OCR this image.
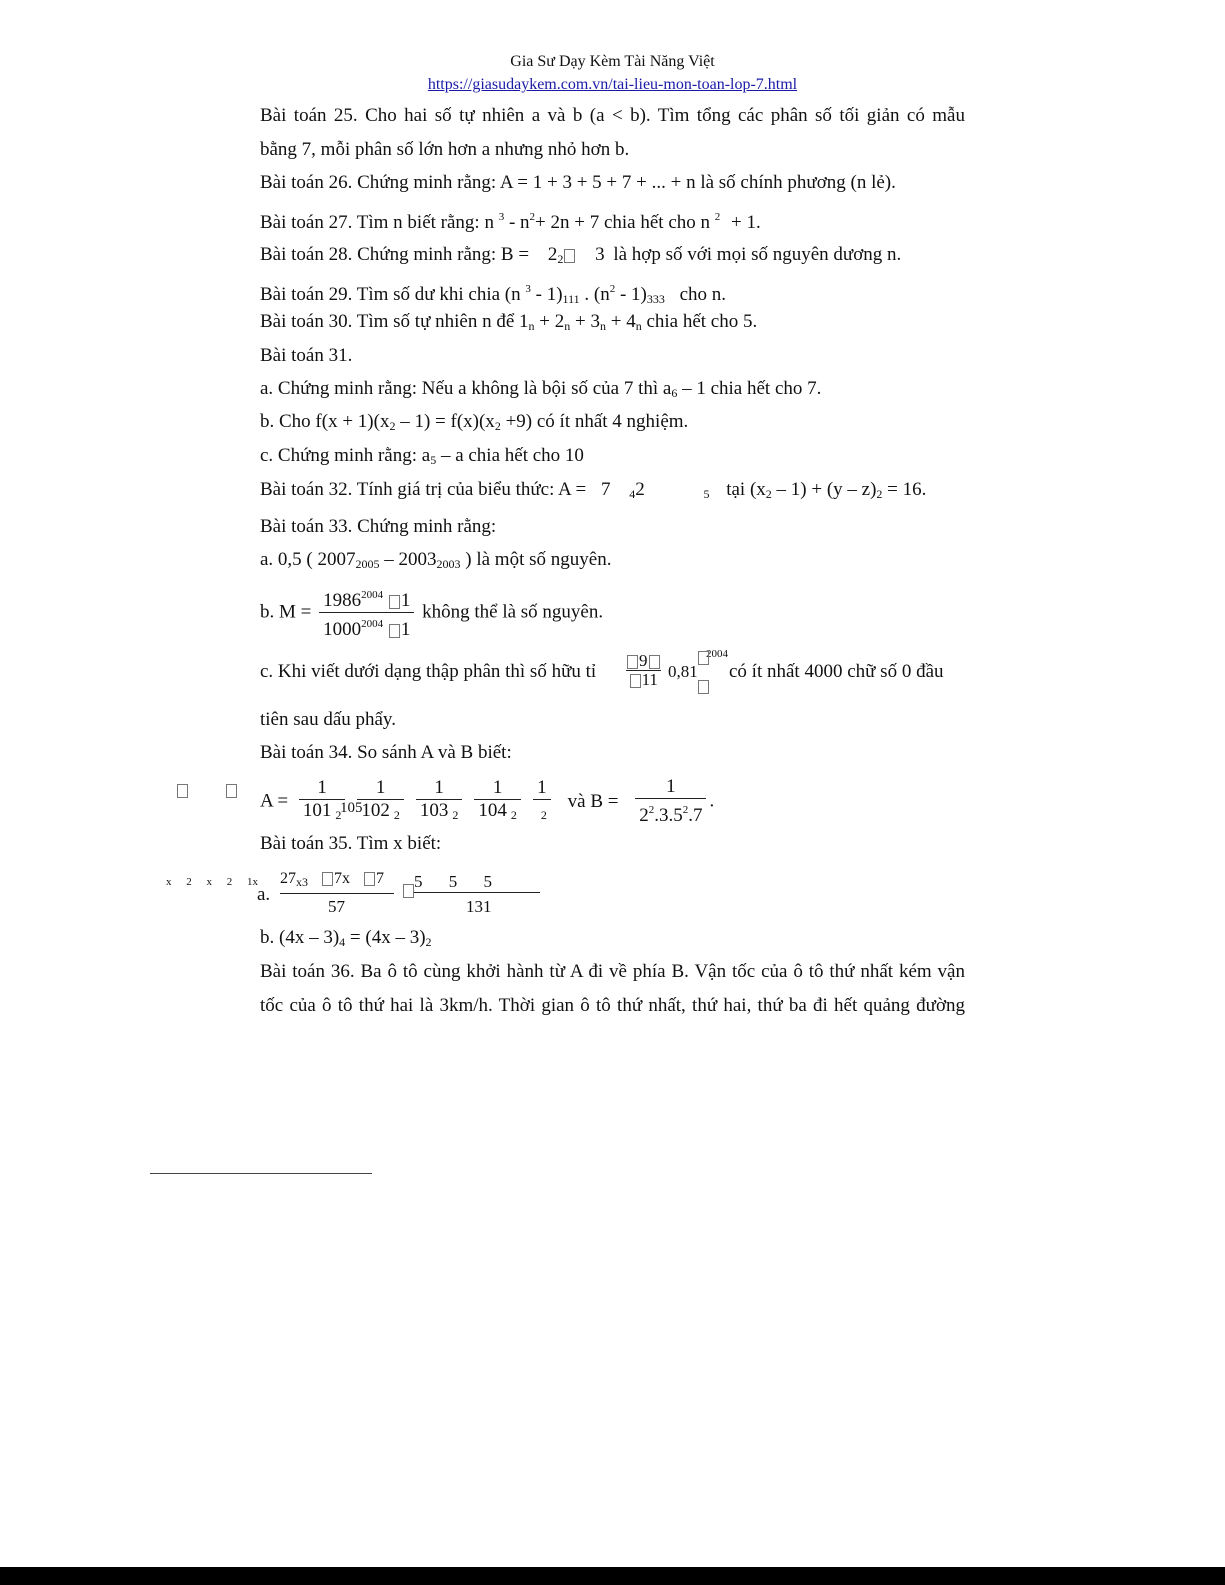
Gia Sư Dạy Kèm Tài Năng Việt
https://giasudaykem.com.vn/tai-lieu-mon-toan-lop-7.html
Bài toán 25. Cho hai số tự nhiên a và b (a < b). Tìm tổng các phân số tối giản có mẫu
bằng 7, mỗi phân số lớn hơn a nhưng nhỏ hơn b.
Bài toán 26. Chứng minh rằng: A = 1 + 3 + 5 + 7 + ... + n là số chính phương (n lẻ).
Bài toán 27. Tìm n biết rằng: n $^3 - n^2+ 2n + 7$ chia hết cho n $^2$ + 1.
Bài toán 28. Chứng minh rằng: $B = 2_2$ 3 là hợp số với mọi số nguyên dương n.
Bài toán 29. Tìm số dư khi chia (n $^3 - 1)_{111}$ . $(n^2 - 1)_{333}$ cho n.
Bài toán 30. Tìm số tự nhiên n để $1_n + 2_n + 3_n + 4_n$ chia hết cho 5.
Bài toán 31.
a. Chứng minh rằng: Nếu a không là bội số của 7 thì $a_6 - 1$ chia hết cho 7.
b. Cho $f(x + 1)(x_2 - 1) = f(x)(x_2 +9)$ có ít nhất 4 nghiệm.
c. Chứng minh rằng: $a_5$ – a chia hết cho 10
Bài toán 32. Tính giá trị của biểu thức: A = 7 $_4$2	$_5$ tại $(x_2 - 1) + (y - z)_2 = 16$.
Bài toán 33. Chứng minh rằng:
a. 0,5 ( $2007_{2005} - 2003_{2003}$ ) là một số nguyên.
b. $M = \frac{1986^{2004} 1}{1000^{2004} 1}$ không thể là số nguyên.
c. Khi viết dưới dạng thập phân thì số hữu tỉ $\frac{9}{11} 0,81$
2004
có ít nhất 4000 chữ số 0 đầu
tiên sau dấu phẩy.
Bài toán 34. So sánh A và B biết:
$A = \frac{1}{101 _2} \frac{1}{102 _2} \frac{1}{103 _2} \frac{1}{104 _2} \frac{1}{_2}$ và $B = \frac{1}{2^2.3.5^2.7}$ .
105
Bài toán 35. Tìm x biết:
x 2 x 2 1x
a.
$27_{x3}$ 7x 7
57
5 5 5
131
b. $(4x - 3)_4 = (4x - 3)_2$
Bài toán 36. Ba ô tô cùng khởi hành từ A đi về phía B. Vận tốc của ô tô thứ nhất kém vận
tốc của ô tô thứ hai là 3km/h. Thời gian ô tô thứ nhất, thứ hai, thứ ba đi hết quảng đường
